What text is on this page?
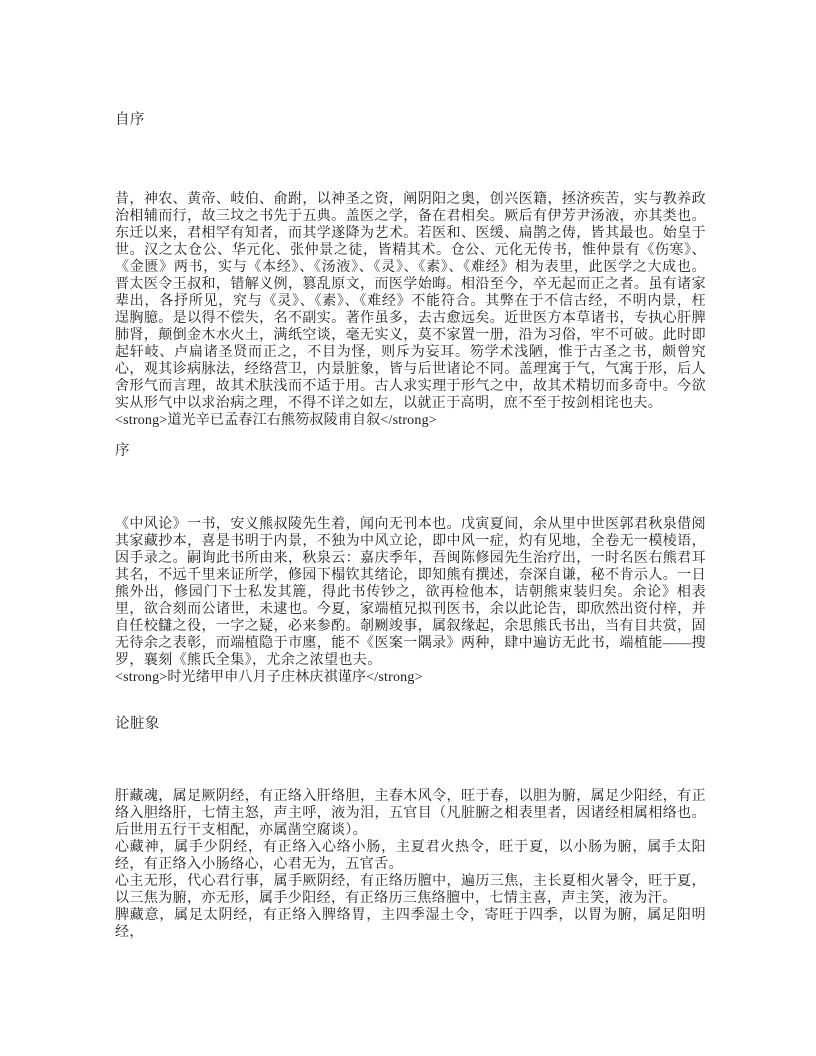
自序

昔，神农、黄帝、岐伯、俞跗，以神圣之资，阐阴阳之奥，创兴医籍，拯济疾苦，实与教养政治相辅而行，故三坟之书先于五典。盖医之学，备在君相矣。厥后有伊芳尹汤液，亦其类也。东迁以来，君相罕有知者，而其学遂降为艺术。若医和、医缓、扁鹊之俦，皆其最也。始皇于世。汉之太仓公、华元化、张仲景之徒，皆精其术。仓公、元化无传书，惟仲景有《伤寒》、《金匮》两书，实与《本经》、《汤液》、《灵》、《素》、《难经》相为表里，此医学之大成也。晋太医令王叔和，错解义例，篡乱原文，而医学始晦。相沿至今，卒无起而正之者。虽有诸家辈出，各抒所见，究与《灵》、《素》、《难经》不能符合。其弊在于不信古经，不明内景，枉逞胸臆。是以得不偿失，名不副实。著作虽多，去古愈远矣。近世医方本草诸书，专执心肝脾肺肾，颠倒金木水火土，满纸空谈，毫无实义，莫不家置一册，沿为习俗，牢不可破。此时即起轩岐、卢扁诸圣贤而正之，不目为怪，则斥为妄耳。笏学术浅陋，惟于古圣之书，颇曾究心，观其诊病脉法，经络营卫，内景脏象，皆与后世诸论不同。盖理寓于气，气寓于形，后人舍形气而言理，故其术肤浅而不适于用。古人求实理于形气之中，故其术精切而多奇中。今欲实从形气中以求治病之理，不得不详之如左，以就正于高明，庶不至于按剑相诧也夫。

<strong>道光辛已孟春江右熊笏叔陵甫自叙</strong>

序

《中风论》一书，安义熊叔陵先生着，闻向无刊本也。戊寅夏间，余从里中世医郭君秋泉借阅其家藏抄本，喜是书明于内景，不独为中风立论，即中风一症，灼有见地，全卷无一模棱语，因手录之。嗣询此书所由来，秋泉云：嘉庆季年，吾闽陈修园先生治疗出，一时名医右熊君耳其名，不远千里来证所学，修园下榻钦其绪论，即知熊有撰述，奈深自谦，秘不肯示人。一日熊外出，修园门下士私发其簏，得此书传钞之，欲再检他本，诘朝熊束装归矣。余论》相表里，欲合刻而公诸世，未逮也。今夏，家端植兄拟刊医书，余以此论告，即欣然出资付梓，并自任校讎之役，一字之疑，必来参酌。剞劂竣事，属叙缘起，余思熊氏书出，当有目共赏，固无待余之表彰，而端植隐于市廛，能不《医案一隅录》两种，肆中遍访无此书，端植能——搜罗，襄刻《熊氏全集》，尤余之浓望也夫。

<strong>时光绪甲申八月子庄林庆祺谨序</strong>

论脏象

肝藏魂，属足厥阴经，有正络入肝络胆，主春木风令，旺于春，以胆为腑，属足少阳经，有正络入胆络肝，七情主怒，声主呼，液为泪，五官目（凡脏腑之相表里者，因诸经相属相络也。后世用五行干支相配，亦属凿空腐谈）。

心藏神，属手少阴经，有正络入心络小肠，主夏君火热令，旺于夏，以小肠为腑，属手太阳经，有正络入小肠络心，心君无为，五官舌。

心主无形，代心君行事，属手厥阴经，有正络历膻中，遍历三焦，主长夏相火暑令，旺于夏，以三焦为腑，亦无形，属手少阳经，有正络历三焦络膻中，七情主喜，声主笑，液为汗。

脾藏意，属足太阴经，有正络入脾络胃，主四季湿土令，寄旺于四季，以胃为腑，属足阳明经，
